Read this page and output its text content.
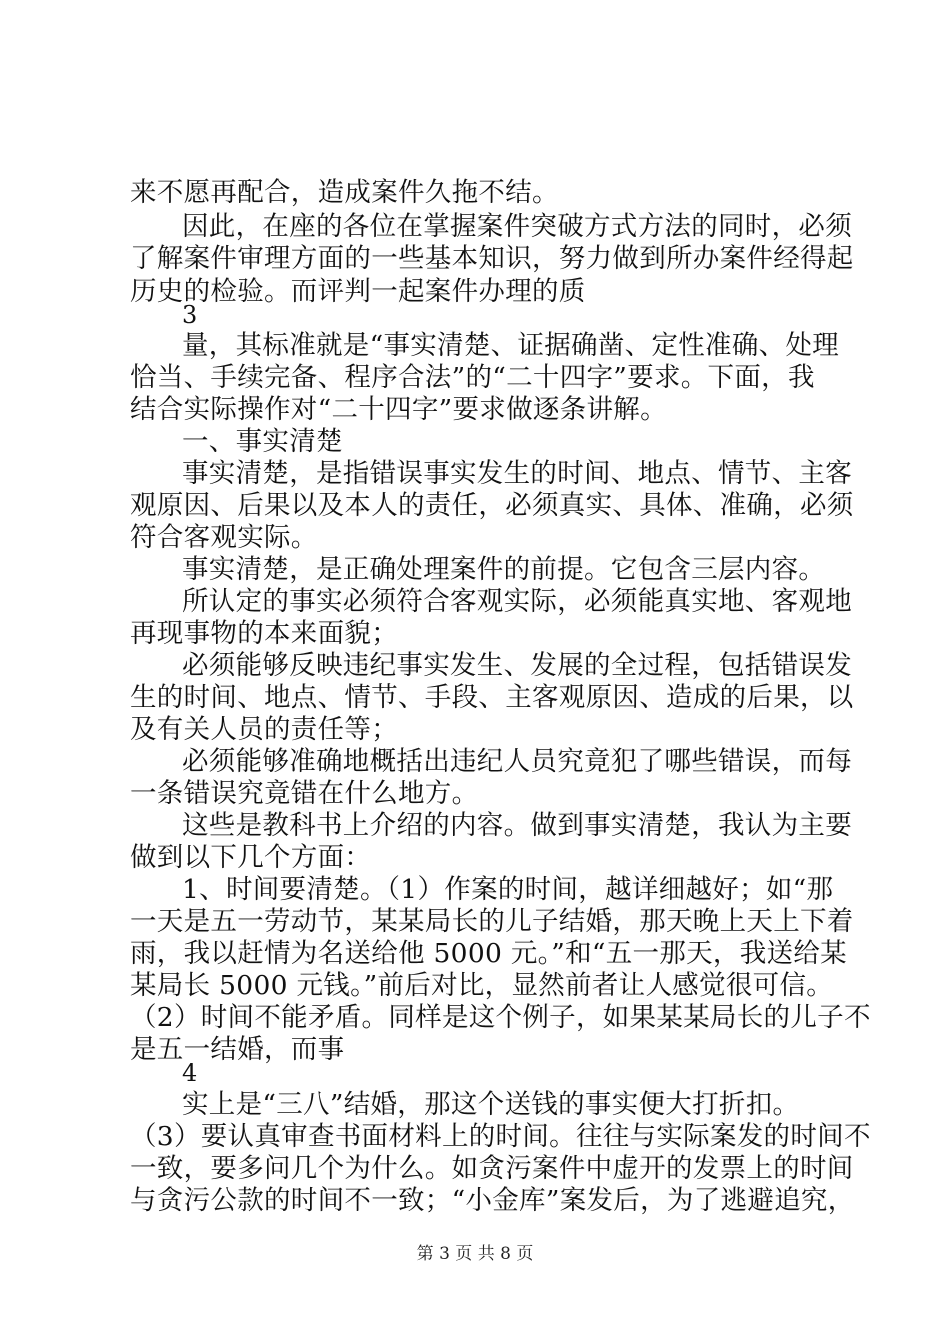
来不愿再配合，造成案件久拖不结。
因此，在座的各位在掌握案件突破方式方法的同时，必须
了解案件审理方面的一些基本知识，努力做到所办案件经得起
历史的检验。而评判一起案件办理的质
3
量，其标准就是“事实清楚、证据确凿、定性准确、处理
恰当、手续完备、程序合法”的“二十四字”要求。下面，我
结合实际操作对“二十四字”要求做逐条讲解。
一、事实清楚
事实清楚，是指错误事实发生的时间、地点、情节、主客
观原因、后果以及本人的责任，必须真实、具体、准确，必须
符合客观实际。
事实清楚，是正确处理案件的前提。它包含三层内容。
所认定的事实必须符合客观实际，必须能真实地、客观地
再现事物的本来面貌；
必须能够反映违纪事实发生、发展的全过程，包括错误发
生的时间、地点、情节、手段、主客观原因、造成的后果，以
及有关人员的责任等；
必须能够准确地概括出违纪人员究竟犯了哪些错误，而每
一条错误究竟错在什么地方。
这些是教科书上介绍的内容。做到事实清楚，我认为主要
做到以下几个方面：
1、时间要清楚。（1）作案的时间，越详细越好；如“那
一天是五一劳动节，某某局长的儿子结婚，那天晚上天上下着
雨，我以赶情为名送给他 5000 元。”和“五一那天，我送给某
某局长 5000 元钱。”前后对比，显然前者让人感觉很可信。
（2）时间不能矛盾。同样是这个例子，如果某某局长的儿子不
是五一结婚，而事
4
实上是“三八”结婚，那这个送钱的事实便大打折扣。
（3）要认真审查书面材料上的时间。往往与实际案发的时间不
一致，要多问几个为什么。如贪污案件中虚开的发票上的时间
与贪污公款的时间不一致；“小金库”案发后，为了逃避追究，
第 3 页 共 8 页
